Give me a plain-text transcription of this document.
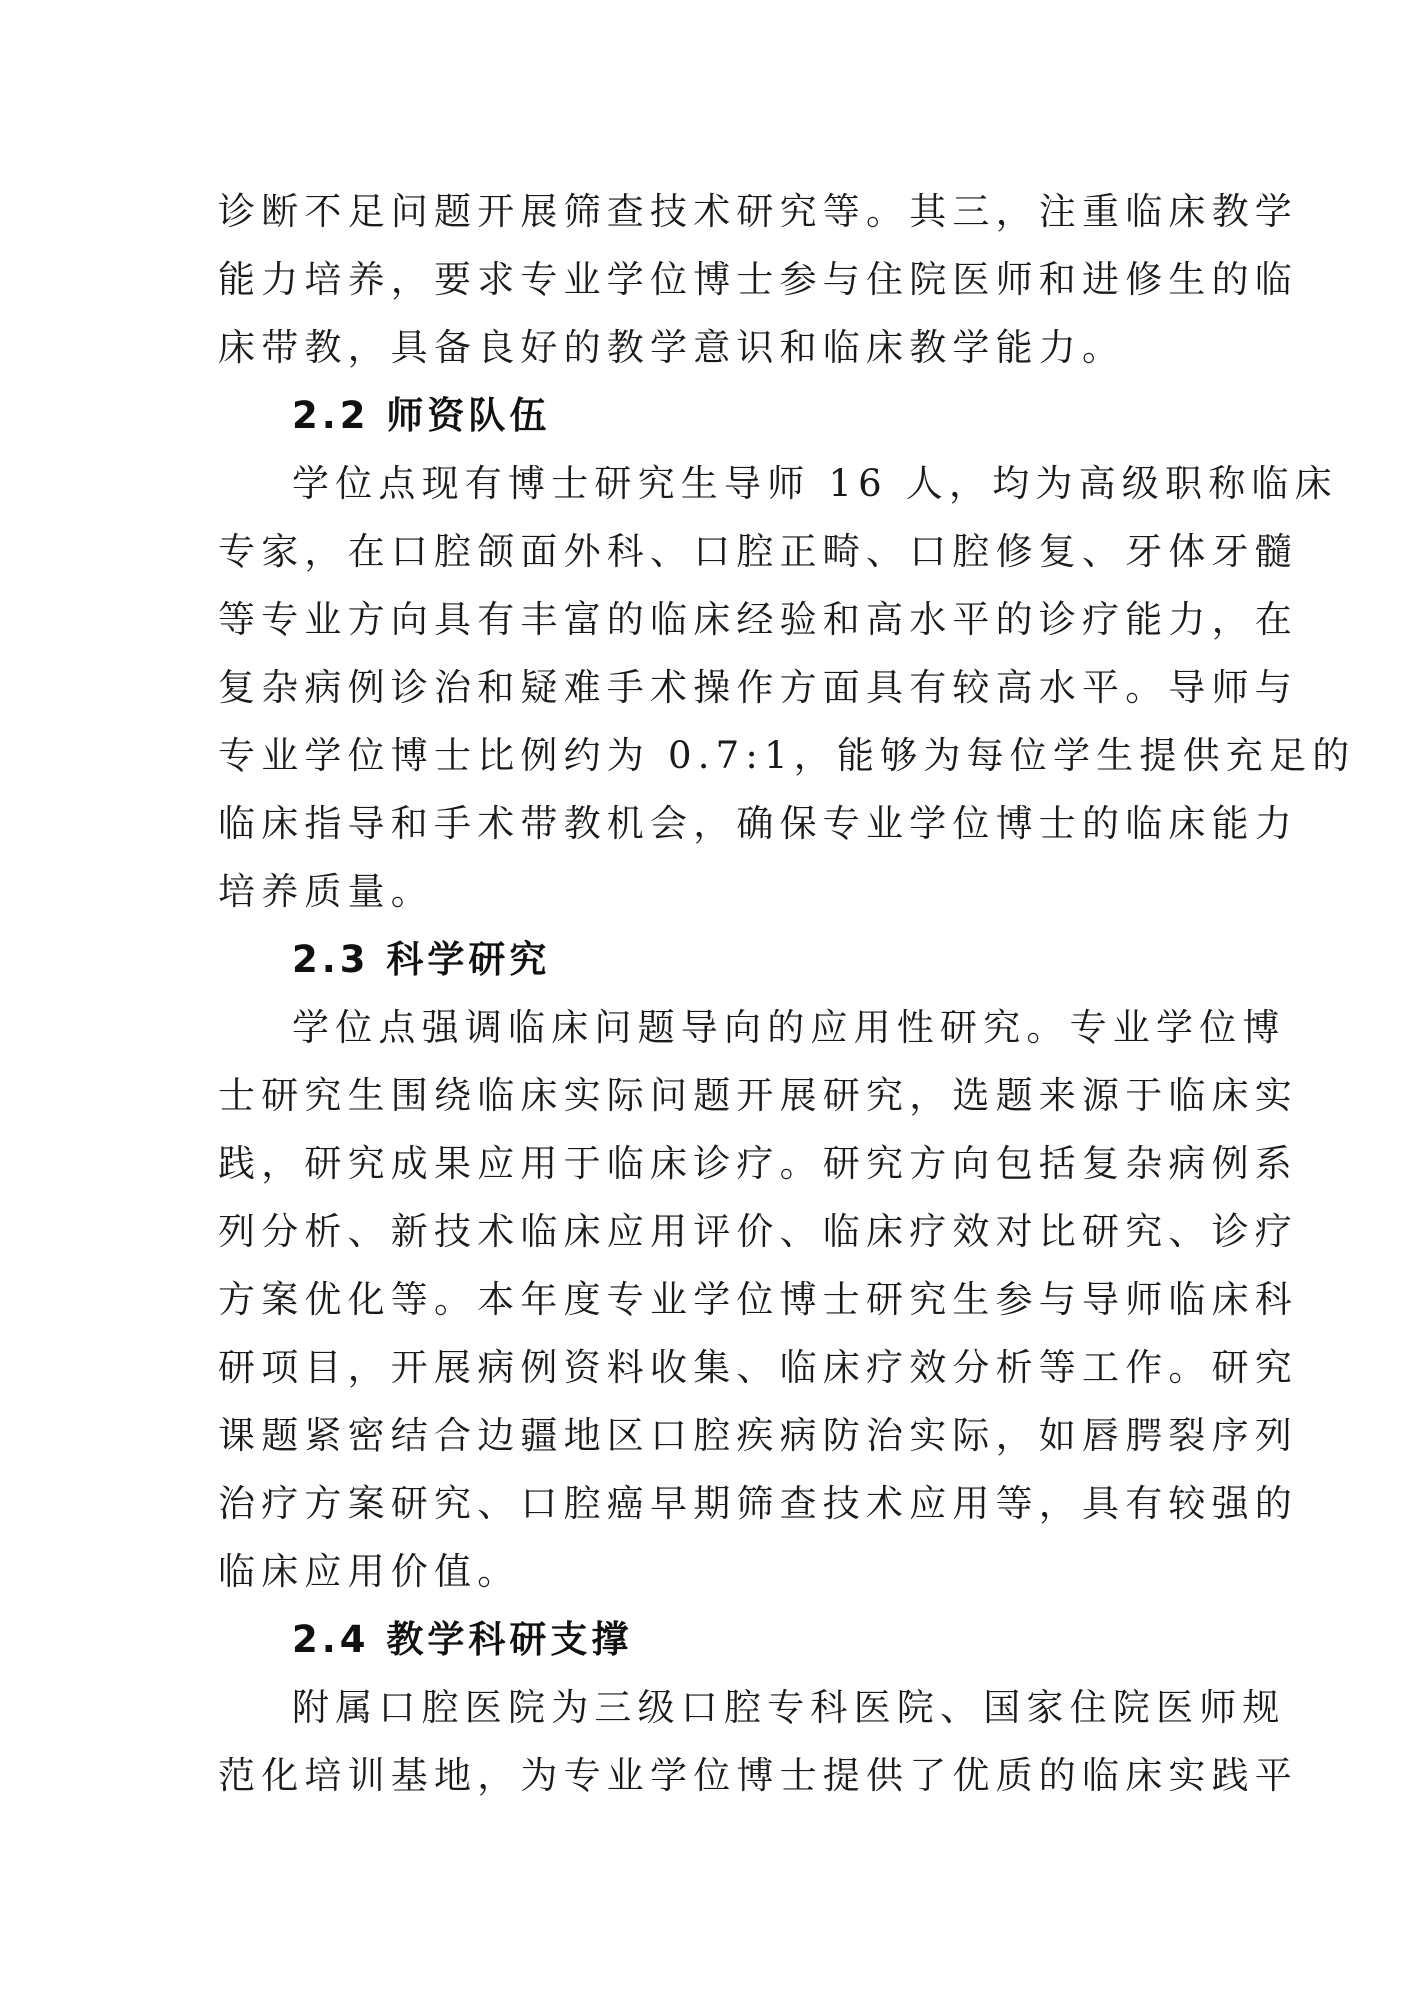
诊断不足问题开展筛查技术研究等。其三，注重临床教学
能力培养，要求专业学位博士参与住院医师和进修生的临
床带教，具备良好的教学意识和临床教学能力。
2.2 师资队伍
学位点现有博士研究生导师 16 人，均为高级职称临床
专家，在口腔颌面外科、口腔正畸、口腔修复、牙体牙髓
等专业方向具有丰富的临床经验和高水平的诊疗能力，在
复杂病例诊治和疑难手术操作方面具有较高水平。导师与
专业学位博士比例约为 0.7:1，能够为每位学生提供充足的
临床指导和手术带教机会，确保专业学位博士的临床能力
培养质量。
2.3 科学研究
学位点强调临床问题导向的应用性研究。专业学位博
士研究生围绕临床实际问题开展研究，选题来源于临床实
践，研究成果应用于临床诊疗。研究方向包括复杂病例系
列分析、新技术临床应用评价、临床疗效对比研究、诊疗
方案优化等。本年度专业学位博士研究生参与导师临床科
研项目，开展病例资料收集、临床疗效分析等工作。研究
课题紧密结合边疆地区口腔疾病防治实际，如唇腭裂序列
治疗方案研究、口腔癌早期筛查技术应用等，具有较强的
临床应用价值。
2.4 教学科研支撑
附属口腔医院为三级口腔专科医院、国家住院医师规
范化培训基地，为专业学位博士提供了优质的临床实践平
